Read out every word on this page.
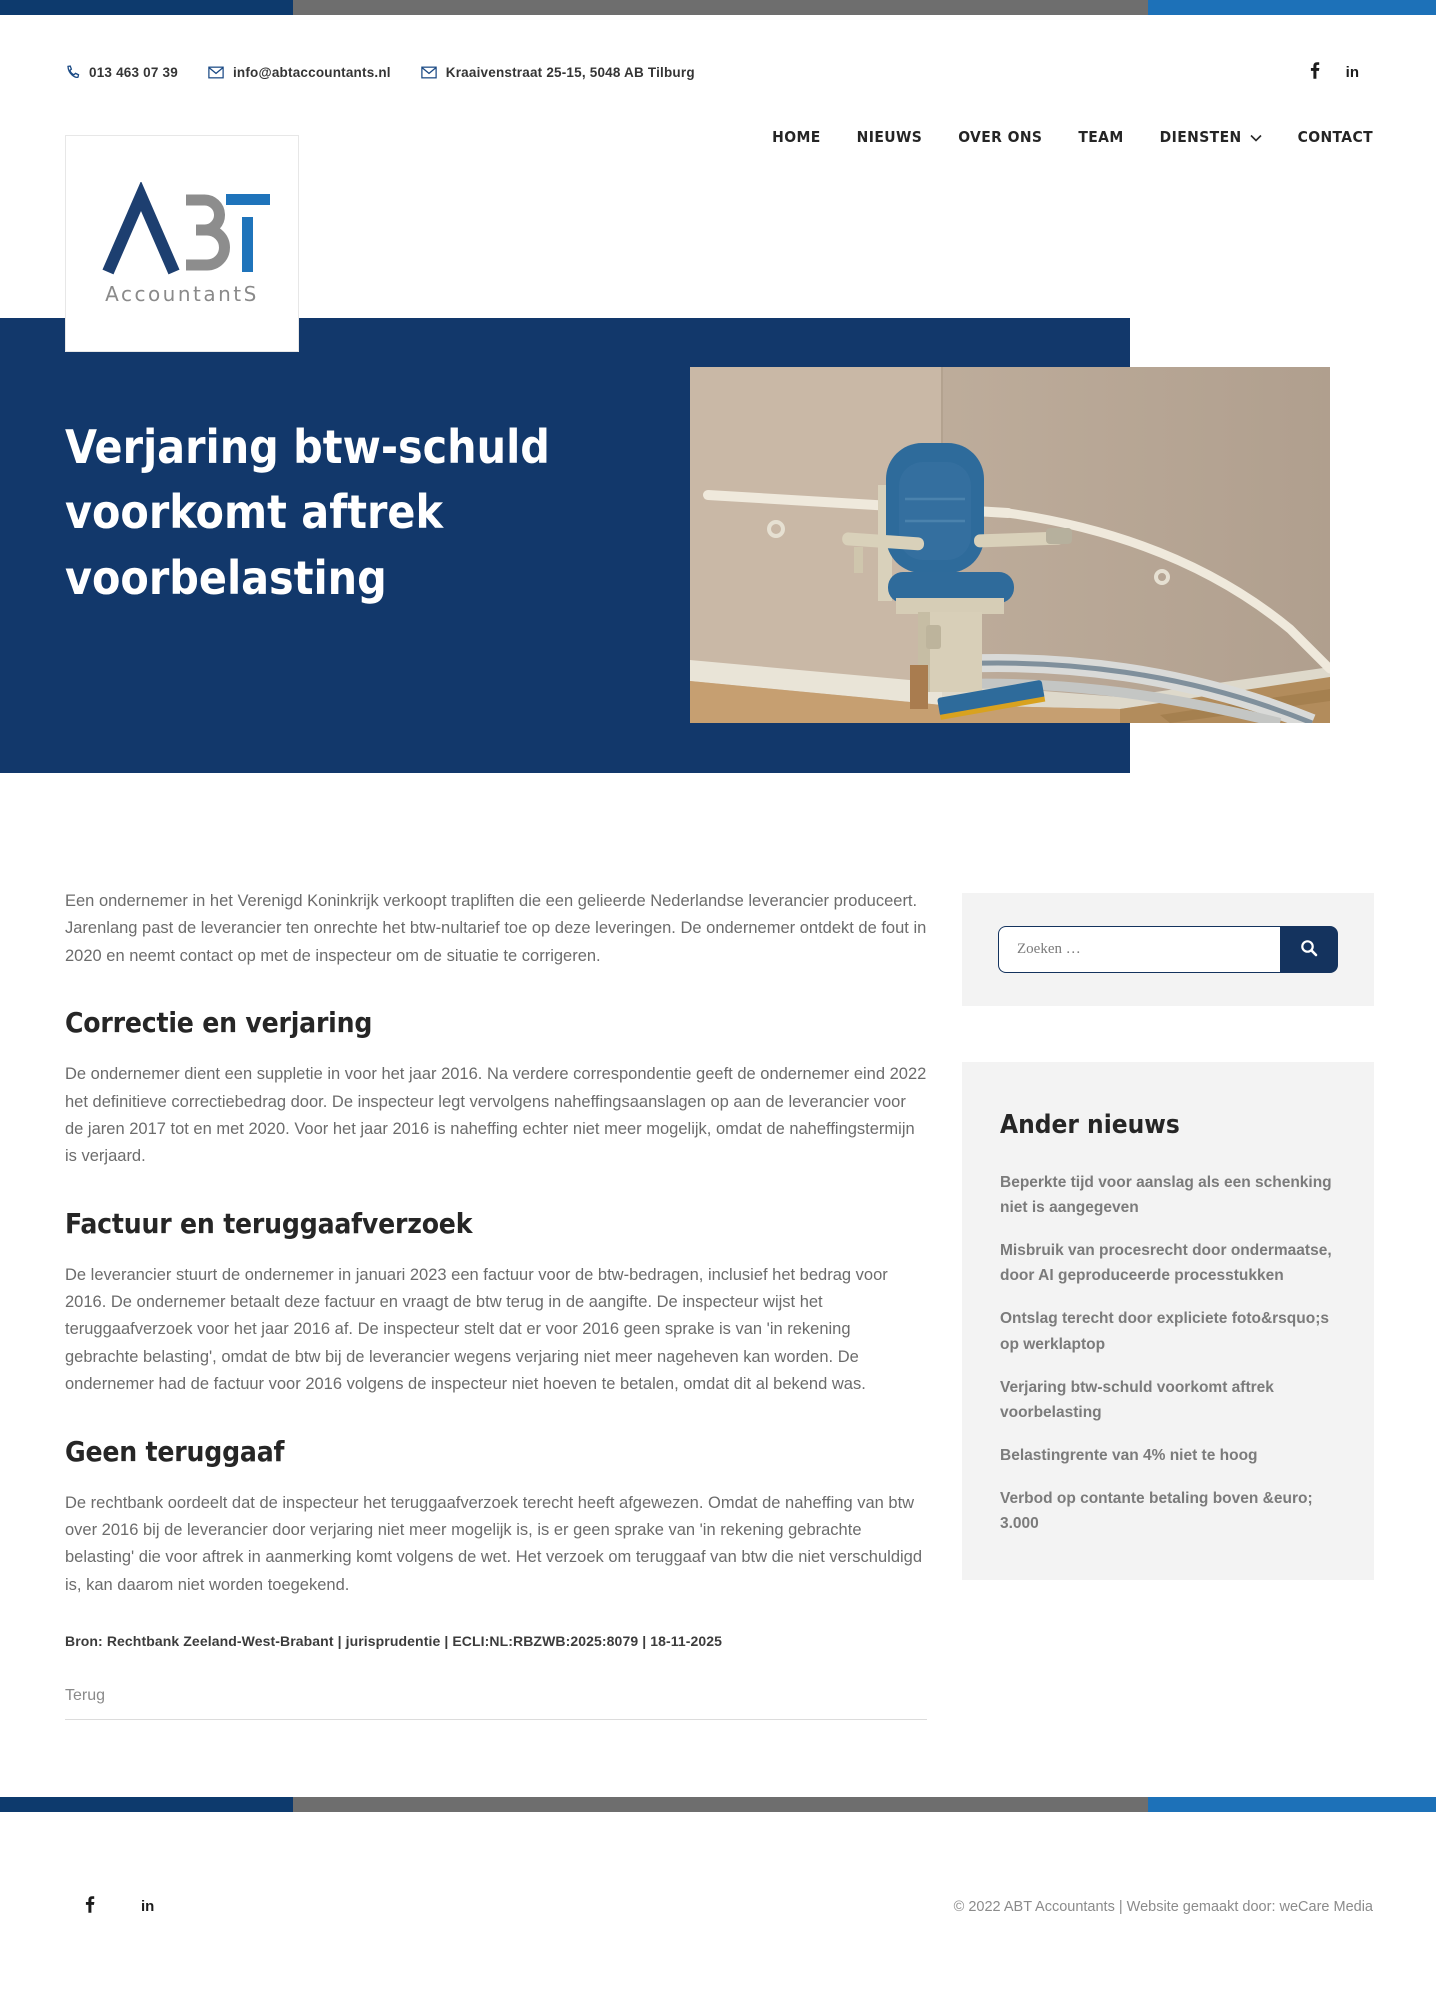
013 463 07 39	info@abtaccountants.nl	Kraaivenstraat 25-15, 5048 AB Tilburg	in
HOME NIEUWS OVER ONS TEAM DIENSTEN	CONTACT
AccountantS
Verjaring btw-schuld voorkomt aftrek voorbelasting

Een ondernemer in het Verenigd Koninkrijk verkoopt trapliften die een gelieerde Nederlandse leverancier produceert. Jarenlang past de leverancier ten onrechte het btw-nultarief toe op deze leveringen. De ondernemer ontdekt de fout in 2020 en neemt contact op met de inspecteur om de situatie te corrigeren.

Correctie en verjaring

De ondernemer dient een suppletie in voor het jaar 2016. Na verdere correspondentie geeft de ondernemer eind 2022 het definitieve correctiebedrag door. De inspecteur legt vervolgens naheffingsaanslagen op aan de leverancier voor de jaren 2017 tot en met 2020. Voor het jaar 2016 is naheffing echter niet meer mogelijk, omdat de naheffingstermijn is verjaard.

Factuur en teruggaafverzoek

De leverancier stuurt de ondernemer in januari 2023 een factuur voor de btw-bedragen, inclusief het bedrag voor 2016. De ondernemer betaalt deze factuur en vraagt de btw terug in de aangifte. De inspecteur wijst het teruggaafverzoek voor het jaar 2016 af. De inspecteur stelt dat er voor 2016 geen sprake is van 'in rekening gebrachte belasting', omdat de btw bij de leverancier wegens verjaring niet meer nageheven kan worden. De ondernemer had de factuur voor 2016 volgens de inspecteur niet hoeven te betalen, omdat dit al bekend was.

Geen teruggaaf

De rechtbank oordeelt dat de inspecteur het teruggaafverzoek terecht heeft afgewezen. Omdat de naheffing van btw over 2016 bij de leverancier door verjaring niet meer mogelijk is, is er geen sprake van 'in rekening gebrachte belasting' die voor aftrek in aanmerking komt volgens de wet. Het verzoek om teruggaaf van btw die niet verschuldigd is, kan daarom niet worden toegekend.

Bron: Rechtbank Zeeland-West-Brabant | jurisprudentie | ECLI:NL:RBZWB:2025:8079 | 18-11-2025

Terug
Zoeken …
Ander nieuws
Beperkte tijd voor aanslag als een schenking niet is aangegeven
Misbruik van procesrecht door ondermaatse, door AI geproduceerde processtukken
Ontslag terecht door expliciete foto&rsquo;s op werklaptop
Verjaring btw-schuld voorkomt aftrek voorbelasting
Belastingrente van 4% niet te hoog
Verbod op contante betaling boven &euro; 3.000
in	© 2022 ABT Accountants | Website gemaakt door: weCare Media
